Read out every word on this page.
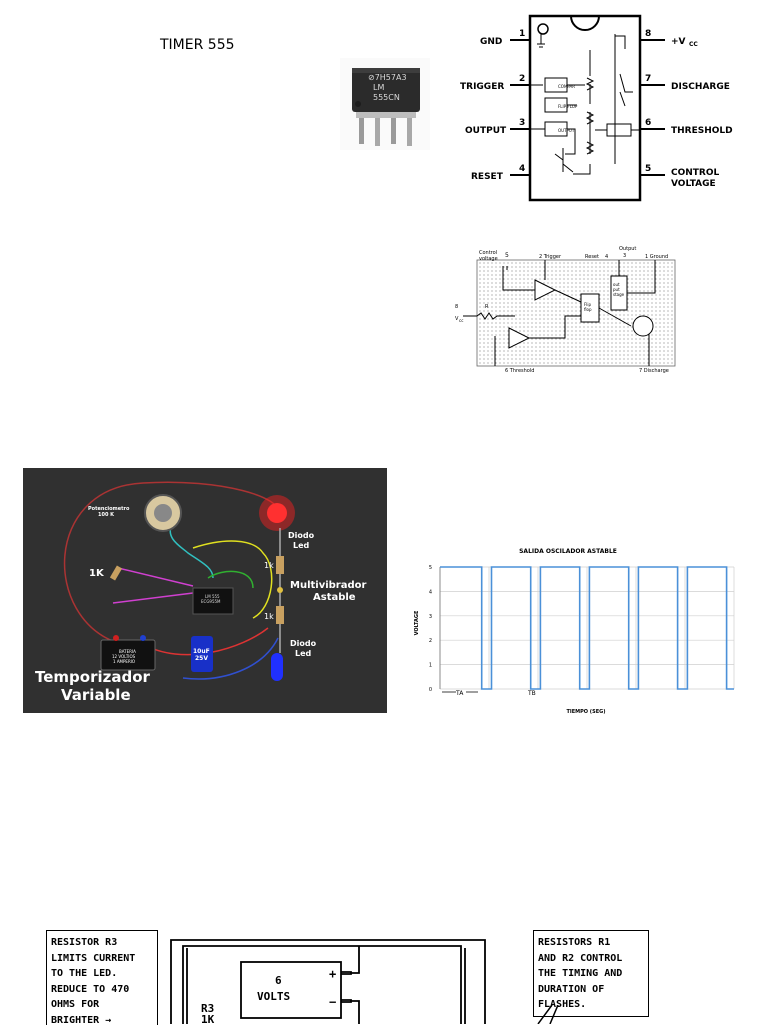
TIMER 555
⊘7H57A3
LM
555CN
COMPAR
FLIP FLOP
OUTPUT
1
GND
2
TRIGGER
3
OUTPUT
4
RESET
8
+V CC
7
DISCHARGE
6
THRESHOLD
5 CONTROL
VOLTAGE
Control voltage 5	2 Trigger	Reset 4
Output
3	1 Ground
8
V cc
R
6 Threshold	7 Discharge
Flip flop
out put stage
Potenciometro 100 K
1K
LM 555 ECG955M
BATERIA 12 VOLTIOS 1 AMPERIO
10uF 25V
1k
1k
Diodo Led
Diodo Led
Multivibrador Astable
Temporizador Variable	0
1
2
3
4
5
SALIDA OSCILADOR ASTABLE
TIEMPO (SEG)
VOLTAGE
TA	TB
RESISTOR R3
LIMITS CURRENT
TO THE LED.
REDUCE TO 470
OHMS FOR
BRIGHTER →
6
VOLTS
+
−
R3
1K
RESISTORS R1
AND R2 CONTROL
THE TIMING AND
DURATION OF
FLASHES.
